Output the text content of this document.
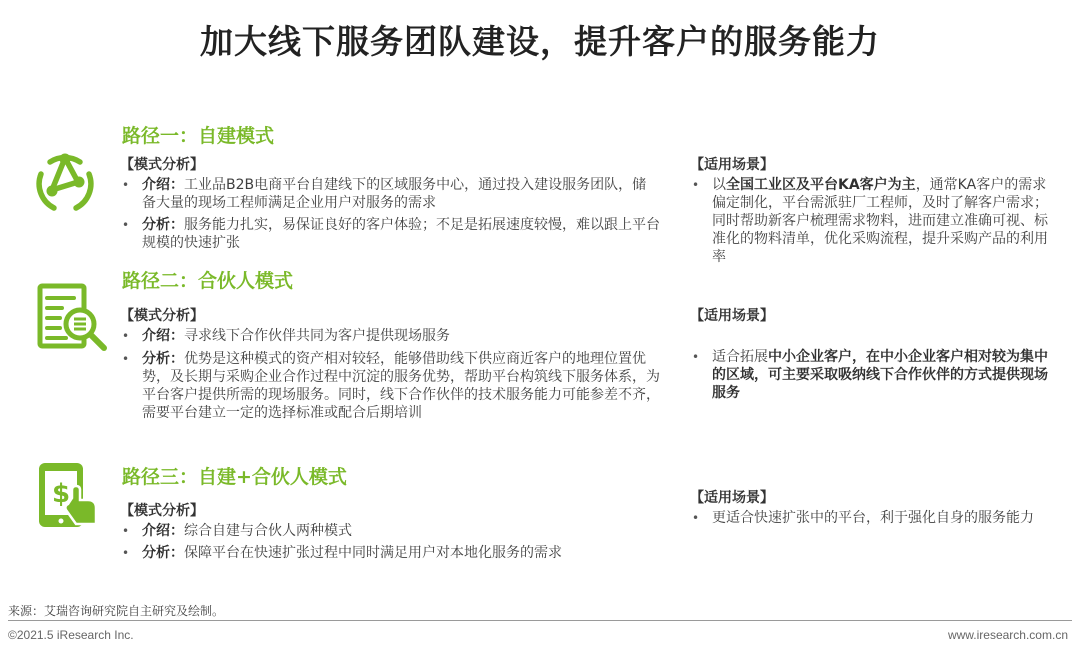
加大线下服务团队建设，提升客户的服务能力
路径一：自建模式
【模式分析】
• 介绍：工业品B2B电商平台自建线下的区域服务中心，通过投入建设服务团队，储备大量的现场工程师满足企业用户对服务的需求
• 分析：服务能力扎实，易保证良好的客户体验；不足是拓展速度较慢，难以跟上平台规模的快速扩张
【适用场景】
• 以全国工业区及平台KA客户为主，通常KA客户的需求偏定制化，平台需派驻厂工程师，及时了解客户需求；同时帮助新客户梳理需求物料，进而建立准确可视、标准化的物料清单，优化采购流程，提升采购产品的利用率
路径二：合伙人模式
【模式分析】
• 介绍：寻求线下合作伙伴共同为客户提供现场服务
• 分析：优势是这种模式的资产相对较轻，能够借助线下供应商近客户的地理位置优势，及长期与采购企业合作过程中沉淀的服务优势，帮助平台构筑线下服务体系，为平台客户提供所需的现场服务。同时，线下合作伙伴的技术服务能力可能参差不齐，需要平台建立一定的选择标准或配合后期培训
【适用场景】
• 适合拓展中小企业客户，在中小企业客户相对较为集中的区域，可主要采取吸纳线下合作伙伴的方式提供现场服务
$
路径三：自建+合伙人模式
【模式分析】
• 介绍：综合自建与合伙人两种模式
• 分析：保障平台在快速扩张过程中同时满足用户对本地化服务的需求
【适用场景】
• 更适合快速扩张中的平台，利于强化自身的服务能力
来源：艾瑞咨询研究院自主研究及绘制。
©2021.5 iResearch Inc.	www.iresearch.com.cn
